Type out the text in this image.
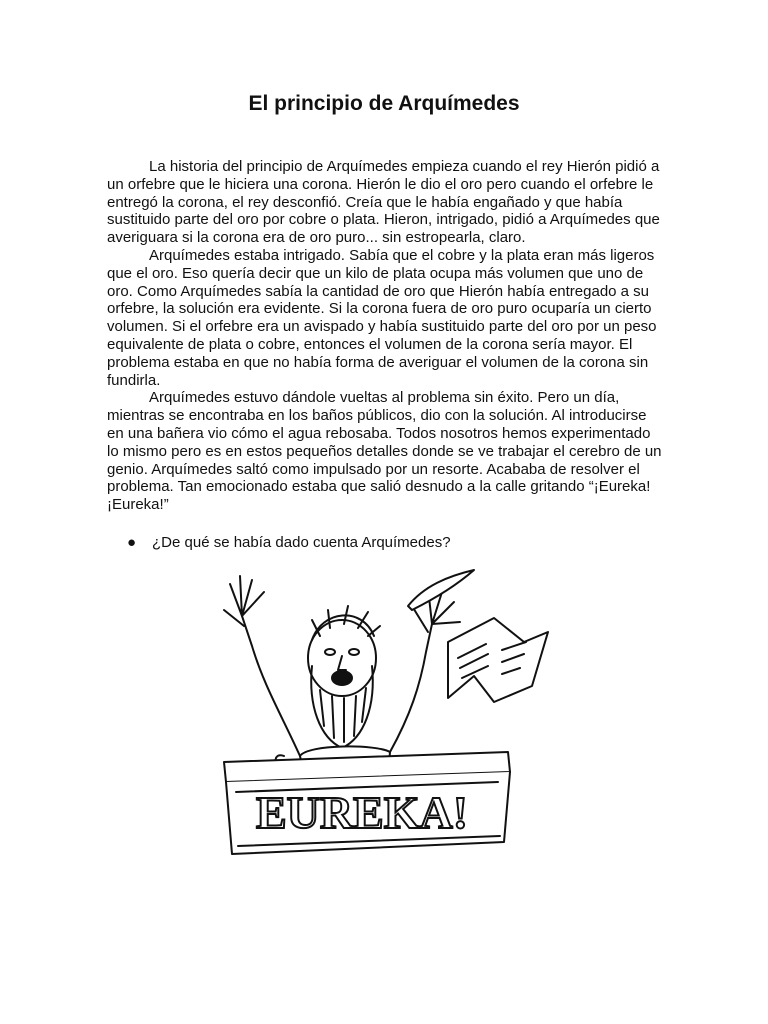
El principio de Arquímedes

La historia del principio de Arquímedes empieza cuando el rey Hierón pidió a un orfebre que le hiciera una corona. Hierón le dio el oro pero cuando el orfebre le entregó la corona, el rey desconfió. Creía que le había engañado y que había sustituido parte del oro por cobre o plata. Hieron, intrigado, pidió a Arquímedes que averiguara si la corona era de oro puro... sin estropearla, claro.

Arquímedes estaba intrigado. Sabía que el cobre y la plata eran más ligeros que el oro. Eso quería decir que un kilo de plata ocupa más volumen que uno de oro. Como Arquímedes sabía la cantidad de oro que Hierón había entregado a su orfebre, la solución era evidente. Si la corona fuera de oro puro ocuparía un cierto volumen. Si el orfebre era un avispado y había sustituido parte del oro por un peso equivalente de plata o cobre, entonces el volumen de la corona sería mayor. El problema estaba en que no había forma de averiguar el volumen de la corona sin fundirla.

Arquímedes estuvo dándole vueltas al problema sin éxito. Pero un día, mientras se encontraba en los baños públicos, dio con la solución. Al introducirse en una bañera vio cómo el agua rebosaba. Todos nosotros hemos experimentado lo mismo pero es en estos pequeños detalles donde se ve trabajar el cerebro de un genio. Arquímedes saltó como impulsado por un resorte. Acababa de resolver el problema. Tan emocionado estaba que salió desnudo a la calle gritando “¡Eureka! ¡Eureka!”

● ¿De qué se había dado cuenta Arquímedes?
EUREKA!
